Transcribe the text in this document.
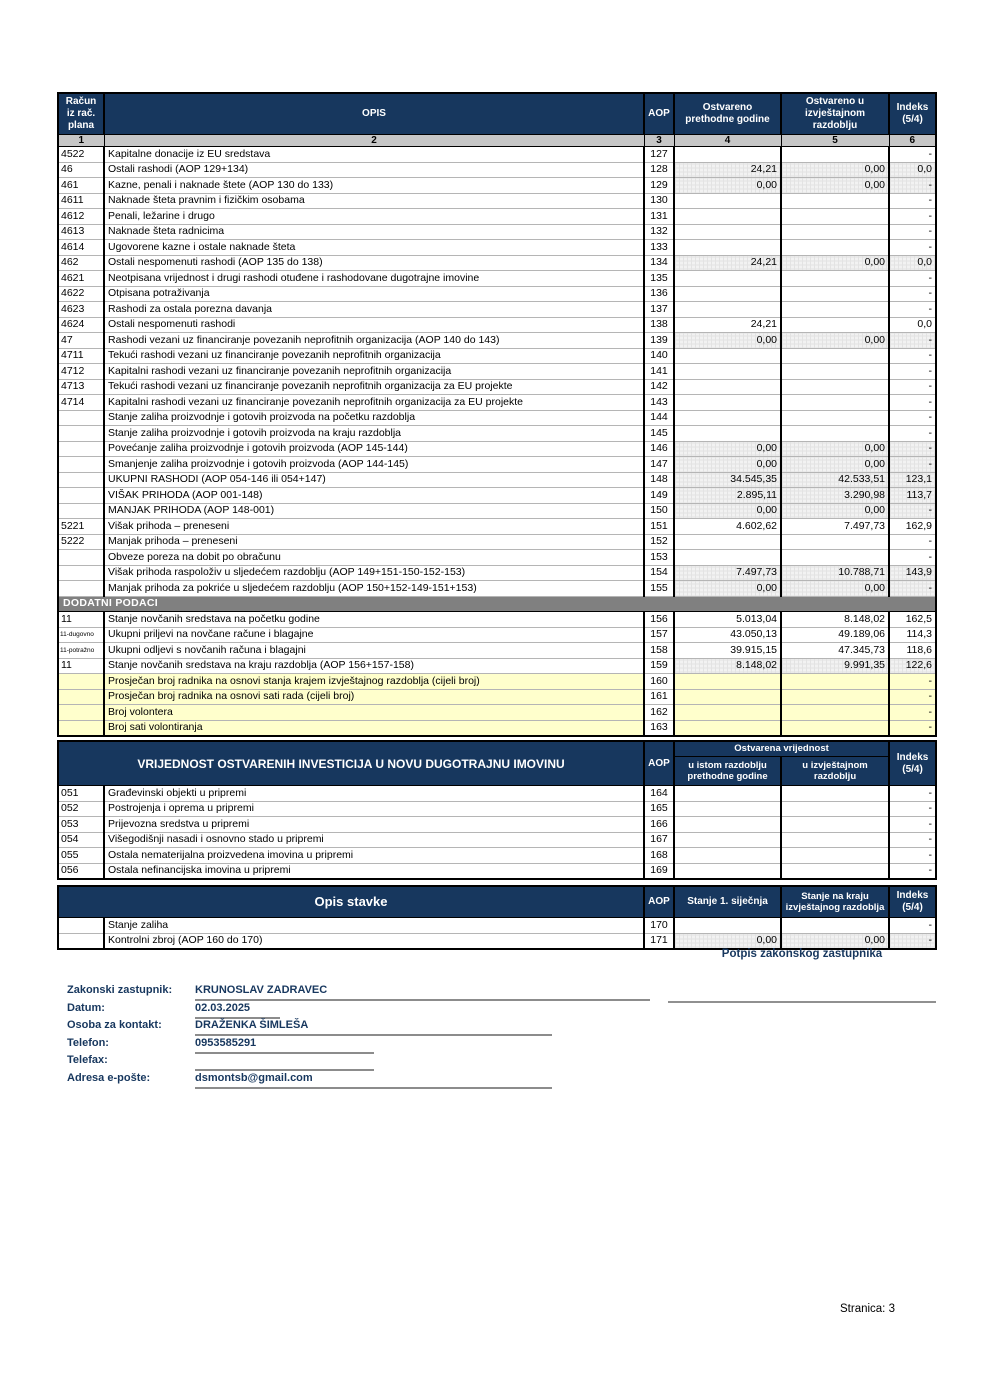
Račun iz rač. plana	OPIS	AOP	Ostvareno prethodne godine	Ostvareno u izvještajnom razdoblju	Indeks (5/4)
1	2	3	4	5	6
4522	Kapitalne donacije iz EU sredstava	127			-
46	Ostali rashodi (AOP 129+134)	128	24,21	0,00	0,0
461	Kazne, penali i naknade štete (AOP 130 do 133)	129	0,00	0,00	-
4611	Naknade šteta pravnim i fizičkim osobama	130			-
4612	Penali, ležarine i drugo	131			-
4613	Naknade šteta radnicima	132			-
4614	Ugovorene kazne i ostale naknade šteta	133			-
462	Ostali nespomenuti rashodi (AOP 135 do 138)	134	24,21	0,00	0,0
4621	Neotpisana vrijednost i drugi rashodi otuđene i rashodovane dugotrajne imovine	135			-
4622	Otpisana potraživanja	136			-
4623	Rashodi za ostala porezna davanja	137			-
4624	Ostali nespomenuti rashodi	138	24,21		0,0
47	Rashodi vezani uz financiranje povezanih neprofitnih organizacija (AOP 140 do 143)	139	0,00	0,00	-
4711	Tekući rashodi vezani uz financiranje povezanih neprofitnih organizacija	140			-
4712	Kapitalni rashodi vezani uz financiranje povezanih neprofitnih organizacija	141			-
4713	Tekući rashodi vezani uz financiranje povezanih neprofitnih organizacija za EU projekte	142			-
4714	Kapitalni rashodi vezani uz financiranje povezanih neprofitnih organizacija za EU projekte	143			-
	Stanje zaliha proizvodnje i gotovih proizvoda na početku razdoblja	144			-
	Stanje zaliha proizvodnje i gotovih proizvoda na kraju razdoblja	145			-
	Povećanje zaliha proizvodnje i gotovih proizvoda (AOP 145-144)	146	0,00	0,00	-
	Smanjenje zaliha proizvodnje i gotovih proizvoda (AOP 144-145)	147	0,00	0,00	-
	UKUPNI RASHODI (AOP 054-146 ili 054+147)	148	34.545,35	42.533,51	123,1
	VIŠAK PRIHODA (AOP 001-148)	149	2.895,11	3.290,98	113,7
	MANJAK PRIHODA (AOP 148-001)	150	0,00	0,00	-
5221	Višak prihoda – preneseni	151	4.602,62	7.497,73	162,9
5222	Manjak prihoda – preneseni	152			-
	Obveze poreza na dobit po obračunu	153			-
	Višak prihoda raspoloživ u sljedećem razdoblju (AOP 149+151-150-152-153)	154	7.497,73	10.788,71	143,9
	Manjak prihoda za pokriće u sljedećem razdoblju (AOP 150+152-149-151+153)	155	0,00	0,00	-
DODATNI PODACI					
11	Stanje novčanih sredstava na početku godine	156	5.013,04	8.148,02	162,5
11-dugovno	Ukupni priljevi na novčane račune i blagajne	157	43.050,13	49.189,06	114,3
11-potražno	Ukupni odljevi s novčanih računa i blagajni	158	39.915,15	47.345,73	118,6
11	Stanje novčanih sredstava na kraju razdoblja (AOP 156+157-158)	159	8.148,02	9.991,35	122,6
	Prosječan broj radnika na osnovi stanja krajem izvještajnog razdoblja (cijeli broj)	160			-
	Prosječan broj radnika na osnovi sati rada (cijeli broj)	161			-
	Broj volontera	162			-
	Broj sati volontiranja	163			-
VRIJEDNOST OSTVARENIH INVESTICIJA U NOVU DUGOTRAJNU IMOVINU		AOP	Ostvarena vrijednost		Indeks (5/4)
			u istom razdoblju prethodne godine	u izvještajnom razdoblju	
051	Građevinski objekti u pripremi	164			-
052	Postrojenja i oprema u pripremi	165			-
053	Prijevozna sredstva u pripremi	166			-
054	Višegodišnji nasadi i osnovno stado u pripremi	167			-
055	Ostala nematerijalna proizvedena imovina u pripremi	168			-
056	Ostala nefinancijska imovina u pripremi	169			-
Opis stavke		AOP	Stanje 1. siječnja	Stanje na kraju izvještajnog razdoblja	Indeks (5/4)
	Stanje zaliha	170			-
	Kontrolni zbroj (AOP 160 do 170)	171	0,00	0,00	-
Potpis zakonskog zastupnika
Zakonski zastupnik:	KRUNOSLAV ZADRAVEC
Datum:	02.03.2025
Osoba za kontakt:	DRAŽENKA ŠIMLEŠA
Telefon:	0953585291
Telefax:
Adresa e-pošte:	dsmontsb@gmail.com
Stranica: 3
